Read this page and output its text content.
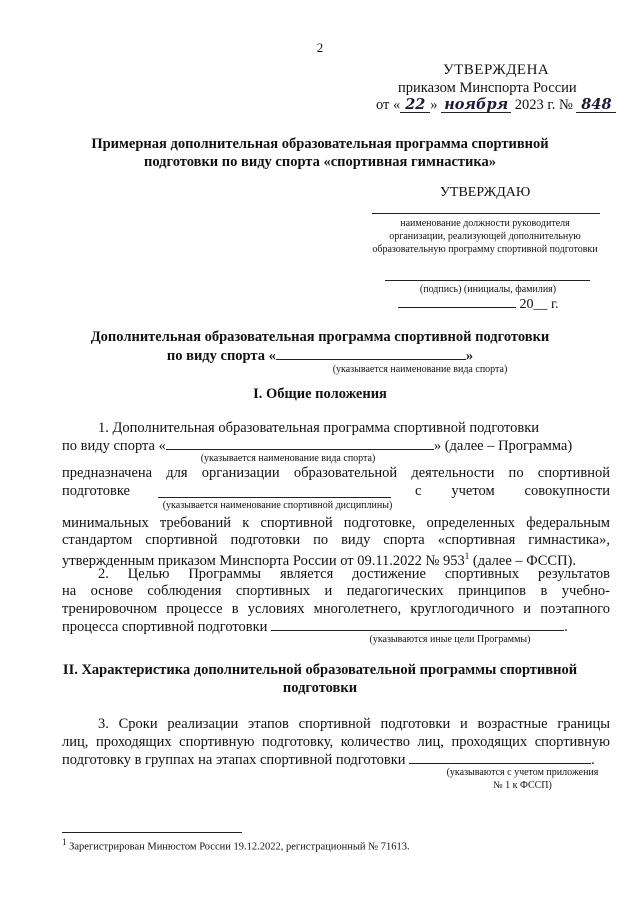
2
УТВЕРЖДЕНА
приказом Минспорта России
от « 22 » ноября 2023 г. № 848
Примерная дополнительная образовательная программа спортивной
подготовки по виду спорта «спортивная гимнастика»
УТВЕРЖДАЮ
наименование должности руководителя
организации, реализующей дополнительную
образовательную программу спортивной подготовки
(подпись) (инициалы, фамилия)
20__ г.
Дополнительная образовательная программа спортивной подготовки
по виду спорта «	»
(указывается наименование вида спорта)
I. Общие положения
1. Дополнительная образовательная программа спортивной подготовки
по виду спорта «	» (далее – Программа)
(указывается наименование вида спорта)
предназначена для организации образовательной деятельности по спортивной
подготовке	с учетом совокупности
(указывается наименование спортивной дисциплины)
минимальных требований к спортивной подготовке, определенных федеральным
стандартом спортивной подготовки по виду спорта «спортивная гимнастика»,
утвержденным приказом Минспорта России от 09.11.2022 № $953^1$ (далее – ФССП).
2. Целью Программы является достижение спортивных результатов
на основе соблюдения спортивных и педагогических принципов в учебно-
тренировочном процессе в условиях многолетнего, круглогодичного и поэтапного
процесса спортивной подготовки	.
(указываются иные цели Программы)
II. Характеристика дополнительной образовательной программы спортивной
подготовки
3. Сроки реализации этапов спортивной подготовки и возрастные границы
лиц, проходящих спортивную подготовку, количество лиц, проходящих спортивную
подготовку в группах на этапах спортивной подготовки	.
(указываются с учетом приложения
№ 1 к ФССП)
$^1$ Зарегистрирован Минюстом России 19.12.2022, регистрационный № 71613.
